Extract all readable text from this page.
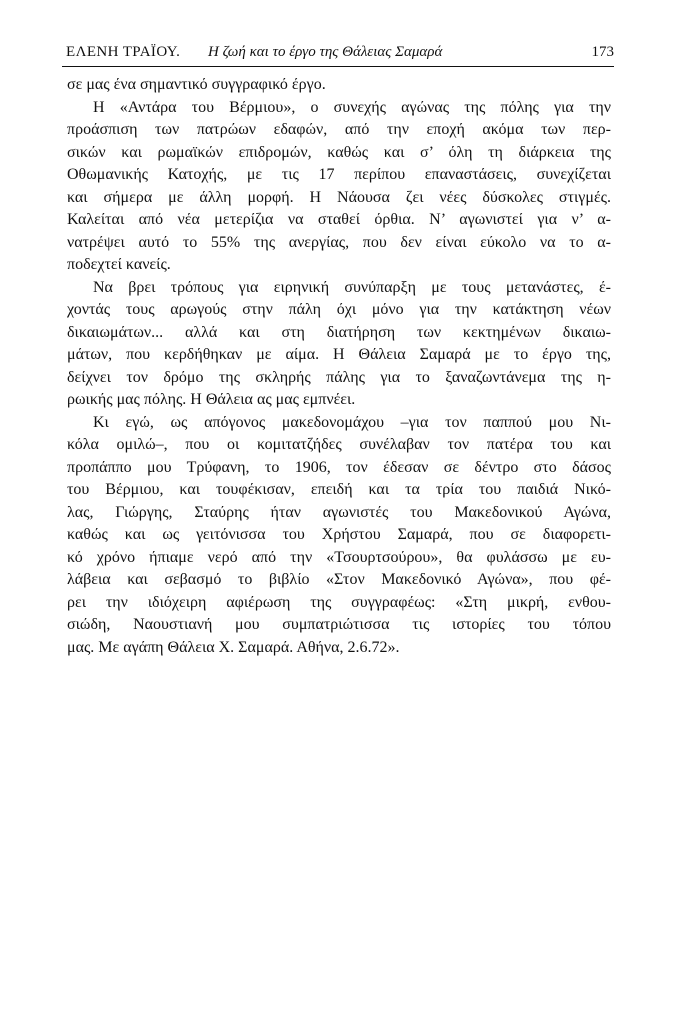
ΕΛΕΝΗ ΤΡΑΪΟΥ. Η ζωή και το έργο της Θάλειας Σαμαρά	173
σε μας ένα σημαντικό συγγραφικό έργο.
Η «Αντάρα του Βέρμιου», ο συνεχής αγώνας της πόλης για την
προάσπιση των πατρώων εδαφών, από την εποχή ακόμα των περ-
σικών και ρωμαϊκών επιδρομών, καθώς και σ’ όλη τη διάρκεια της
Οθωμανικής Κατοχής, με τις 17 περίπου επαναστάσεις, συνεχίζεται
και σήμερα με άλλη μορφή. Η Νάουσα ζει νέες δύσκολες στιγμές.
Καλείται από νέα μετερίζια να σταθεί όρθια. Ν’ αγωνιστεί για ν’ α-
νατρέψει αυτό το 55% της ανεργίας, που δεν είναι εύκολο να το α-
ποδεχτεί κανείς.
Να βρει τρόπους για ειρηνική συνύπαρξη με τους μετανάστες, έ-
χοντάς τους αρωγούς στην πάλη όχι μόνο για την κατάκτηση νέων
δικαιωμάτων... αλλά και στη διατήρηση των κεκτημένων δικαιω-
μάτων, που κερδήθηκαν με αίμα. Η Θάλεια Σαμαρά με το έργο της,
δείχνει τον δρόμο της σκληρής πάλης για το ξαναζωντάνεμα της η-
ρωικής μας πόλης. Η Θάλεια ας μας εμπνέει.
Κι εγώ, ως απόγονος μακεδονομάχου –για τον παππού μου Νι-
κόλα ομιλώ–, που οι κομιτατζήδες συνέλαβαν τον πατέρα του και
προπάππο μου Τρύφανη, το 1906, τον έδεσαν σε δέντρο στο δάσος
του Βέρμιου, και τουφέκισαν, επειδή και τα τρία του παιδιά Νικό-
λας, Γιώργης, Σταύρης ήταν αγωνιστές του Μακεδονικού Αγώνα,
καθώς και ως γειτόνισσα του Χρήστου Σαμαρά, που σε διαφορετι-
κό χρόνο ήπιαμε νερό από την «Τσουρτσούρου», θα φυλάσσω με ευ-
λάβεια και σεβασμό το βιβλίο «Στον Μακεδονικό Αγώνα», που φέ-
ρει την ιδιόχειρη αφιέρωση της συγγραφέως: «Στη μικρή, ενθου-
σιώδη, Ναουστιανή μου συμπατριώτισσα τις ιστορίες του τόπου
μας. Με αγάπη Θάλεια Χ. Σαμαρά. Αθήνα, 2.6.72».
